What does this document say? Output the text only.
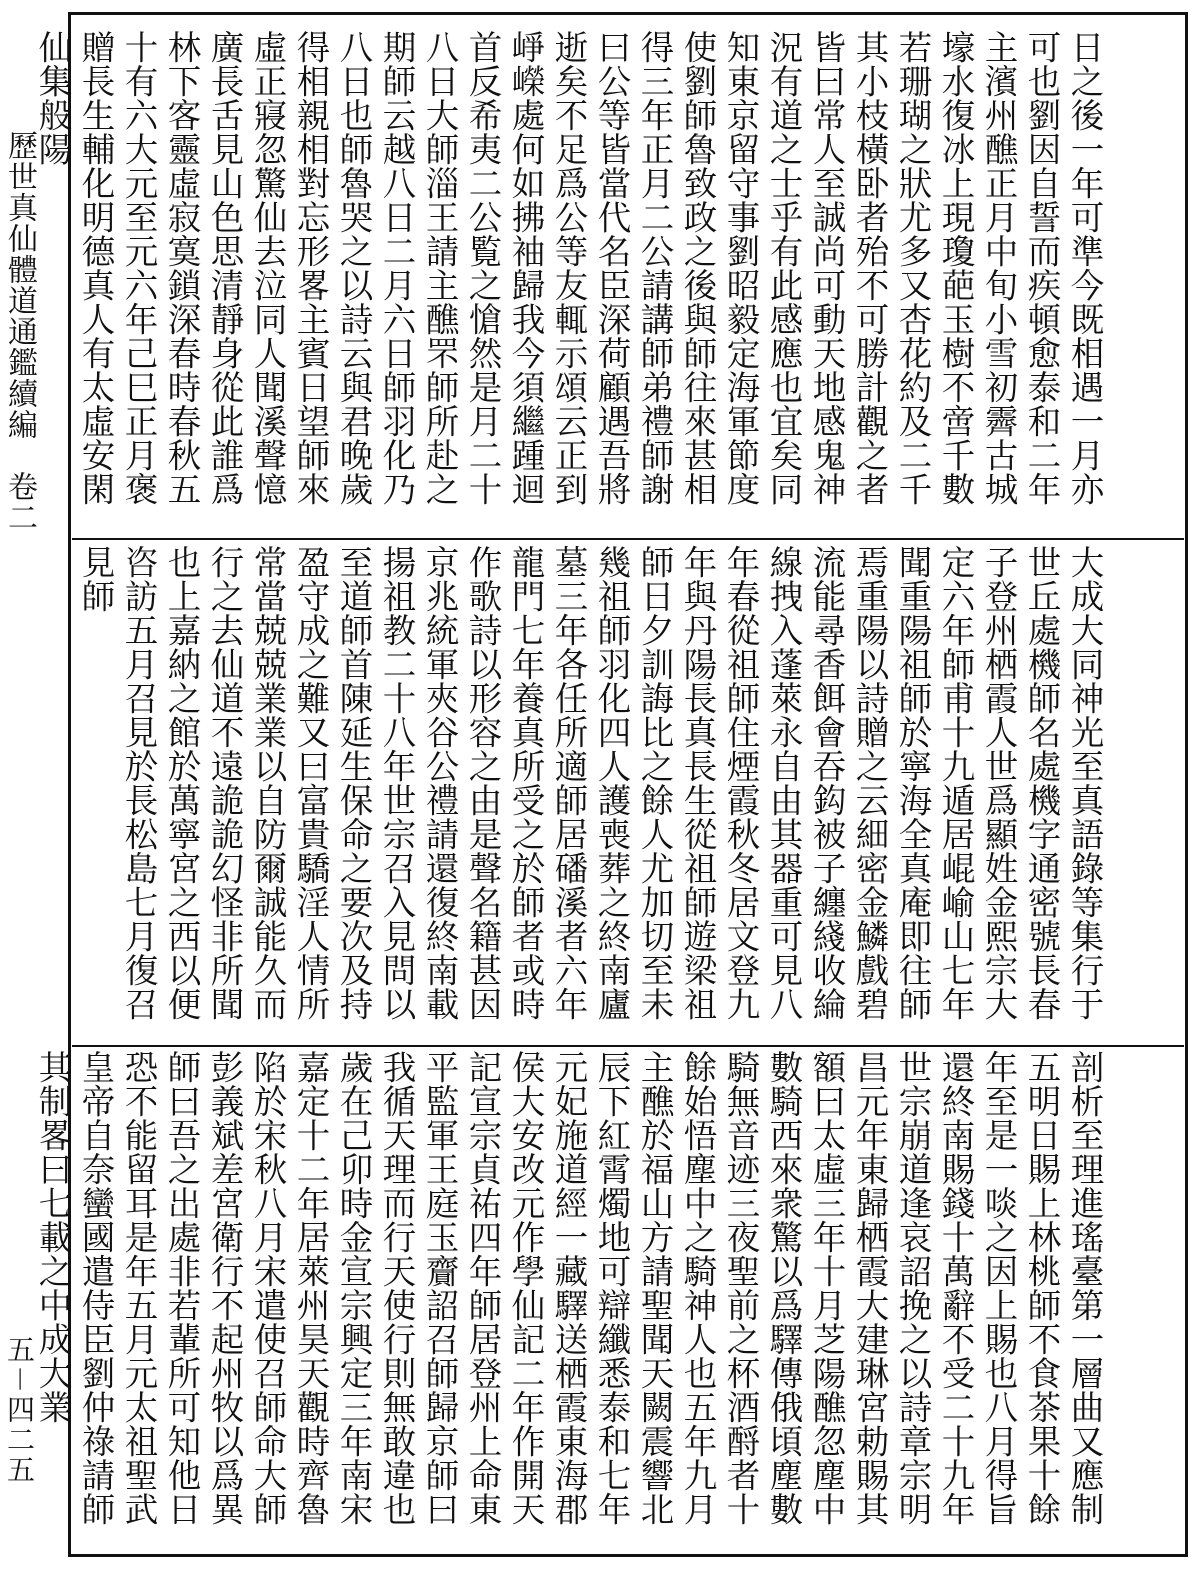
歷世真仙體道通鑑續編　卷二
五－四二五
日之後一年可準今既相遇一月亦可也劉因自誓而疾頓愈泰和二年主濱州醮正月中旬小雪初霽古城壕水復冰上現瓊葩玉樹不啻千數若珊瑚之狀尤多又杏花約及二千其小枝橫卧者殆不可勝計觀之者皆曰常人至誠尚可動天地感鬼神況有道之士乎有此感應也宜矣同知東京留守事劉昭毅定海軍節度使劉師魯致政之後與師往來甚相得三年正月二公請講師弟禮師謝曰公等皆當代名臣深荷顧遇吾將逝矣不足爲公等友輒示頌云正到崢嶸處何如拂袖歸我今須繼踵迴首反希夷二公覧之愴然是月二十八日大師淄王請主醮罘師所赴之期師云越八日二月六日師羽化乃八日也師魯哭之以詩云與君晚歲得相親相對忘形畧主賓日望師來虛正寢忽驚仙去泣同人聞溪聲憶廣長舌見山色思清靜身從此誰爲林下客靈虛寂寞鎖深春時春秋五十有六大元至元六年己巳正月褒贈長生輔化明德真人有太虛安閑仙集般陽
大成大同神光至真語錄等集行于世丘處機師名處機字通密號長春子登州栖霞人世爲顯姓金熙宗大定六年師甫十九遁居崐崳山七年聞重陽祖師於寧海全真庵即往師焉重陽以詩贈之云細密金鱗戲碧流能尋香餌會吞鈎被子纏綫收綸線拽入蓬萊永自由其器重可見八年春從祖師住煙霞秋冬居文登九年與丹陽長真長生從祖師遊梁祖師日夕訓誨比之餘人尤加切至未幾祖師羽化四人護喪葬之終南廬墓三年各任所適師居磻溪者六年龍門七年養真所受之於師者或時作歌詩以形容之由是聲名籍甚因京兆統軍夾谷公禮請還復終南載揚祖教二十八年世宗召入見問以至道師首陳延生保命之要次及持盈守成之難又曰富貴驕淫人情所常當兢兢業業以自防爾誠能久而行之去仙道不遠詭詭幻怪非所聞也上嘉納之館於萬寧宮之西以便咨訪五月召見於長松島七月復召見師
剖析至理進瑤臺第一層曲又應制五明日賜上林桃師不食茶果十餘年至是一啖之因上賜也八月得旨還終南賜錢十萬辭不受二十九年世宗崩道逢哀詔挽之以詩章宗明昌元年東歸栖霞大建琳宮勅賜其額曰太虛三年十月芝陽醮忽塵中數騎西來衆驚以爲驛傳俄頃塵數騎無音迹三夜聖前之杯酒酹者十餘始悟塵中之騎神人也五年九月主醮於福山方請聖聞天闕震響北辰下紅霄燭地可辯纖悉泰和七年元妃施道經一藏驛送栖霞東海郡侯大安改元作學仙記二年作開天記宣宗貞祐四年師居登州上命東平監軍王庭玉齎詔召師歸京師曰我循天理而行天使行則無敢違也歲在己卯時金宣宗興定三年南宋嘉定十二年居萊州昊天觀時齊魯陷於宋秋八月宋遣使召師命大師彭義斌差宮衛行不起州牧以爲異師曰吾之出處非若輩所可知他日恐不能留耳是年五月元太祖聖武皇帝自奈蠻國遣侍臣劉仲祿請師其制畧曰七載之中成大業
